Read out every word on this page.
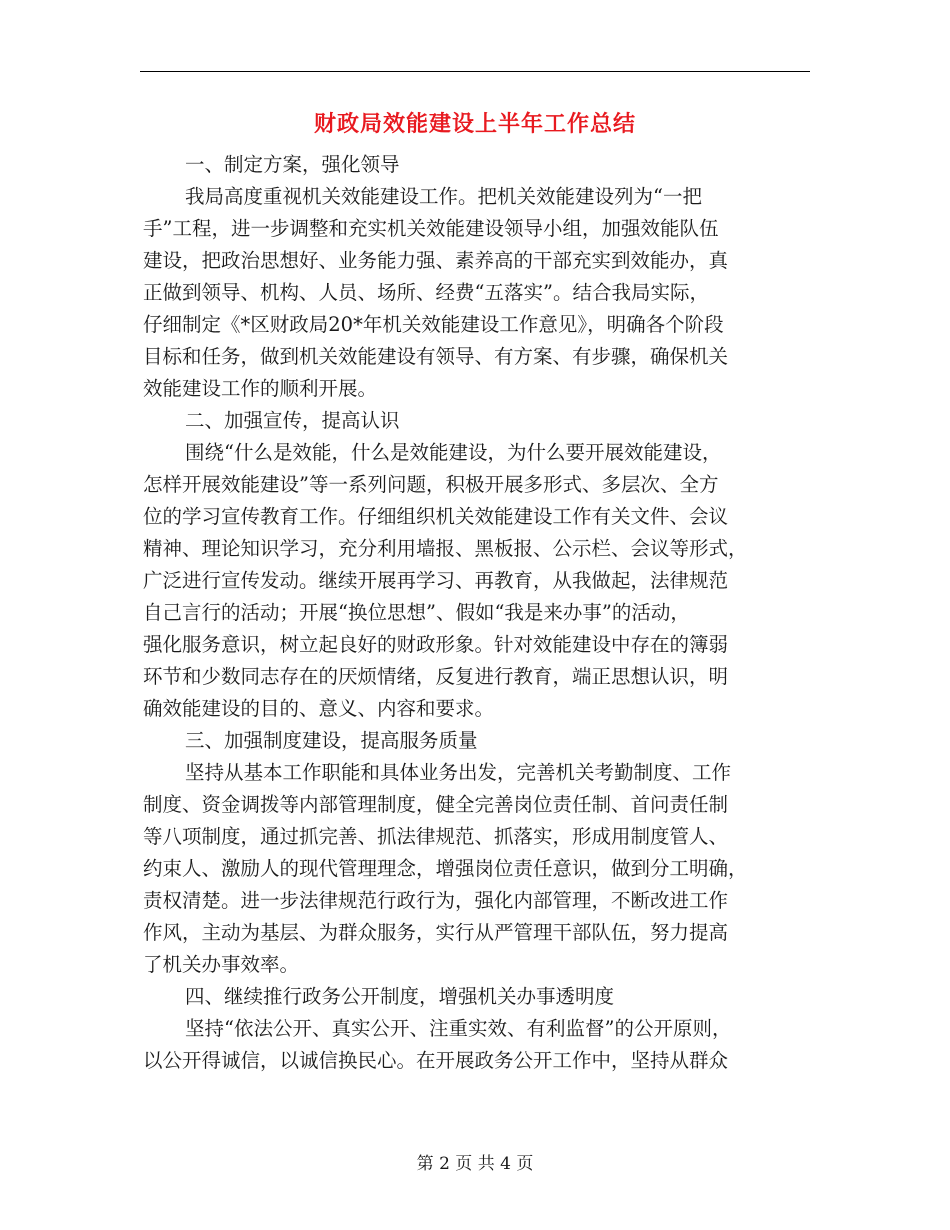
财政局效能建设上半年工作总结
一、制定方案，强化领导
我局高度重视机关效能建设工作。把机关效能建设列为“一把
手”工程，进一步调整和充实机关效能建设领导小组，加强效能队伍
建设，把政治思想好、业务能力强、素养高的干部充实到效能办，真
正做到领导、机构、人员、场所、经费“五落实”。结合我局实际，
仔细制定《*区财政局20*年机关效能建设工作意见》，明确各个阶段
目标和任务，做到机关效能建设有领导、有方案、有步骤，确保机关
效能建设工作的顺利开展。
二、加强宣传，提高认识
围绕“什么是效能，什么是效能建设，为什么要开展效能建设，
怎样开展效能建设”等一系列问题，积极开展多形式、多层次、全方
位的学习宣传教育工作。仔细组织机关效能建设工作有关文件、会议
精神、理论知识学习，充分利用墙报、黑板报、公示栏、会议等形式，
广泛进行宣传发动。继续开展再学习、再教育，从我做起，法律规范
自己言行的活动；开展“换位思想”、假如“我是来办事”的活动，
强化服务意识，树立起良好的财政形象。针对效能建设中存在的簿弱
环节和少数同志存在的厌烦情绪，反复进行教育，端正思想认识，明
确效能建设的目的、意义、内容和要求。
三、加强制度建设，提高服务质量
坚持从基本工作职能和具体业务出发，完善机关考勤制度、工作
制度、资金调拨等内部管理制度，健全完善岗位责任制、首问责任制
等八项制度，通过抓完善、抓法律规范、抓落实，形成用制度管人、
约束人、激励人的现代管理理念，增强岗位责任意识，做到分工明确，
责权清楚。进一步法律规范行政行为，强化内部管理，不断改进工作
作风，主动为基层、为群众服务，实行从严管理干部队伍，努力提高
了机关办事效率。
四、继续推行政务公开制度，增强机关办事透明度
坚持“依法公开、真实公开、注重实效、有利监督”的公开原则，
以公开得诚信，以诚信换民心。在开展政务公开工作中，坚持从群众
第 2 页 共 4 页
